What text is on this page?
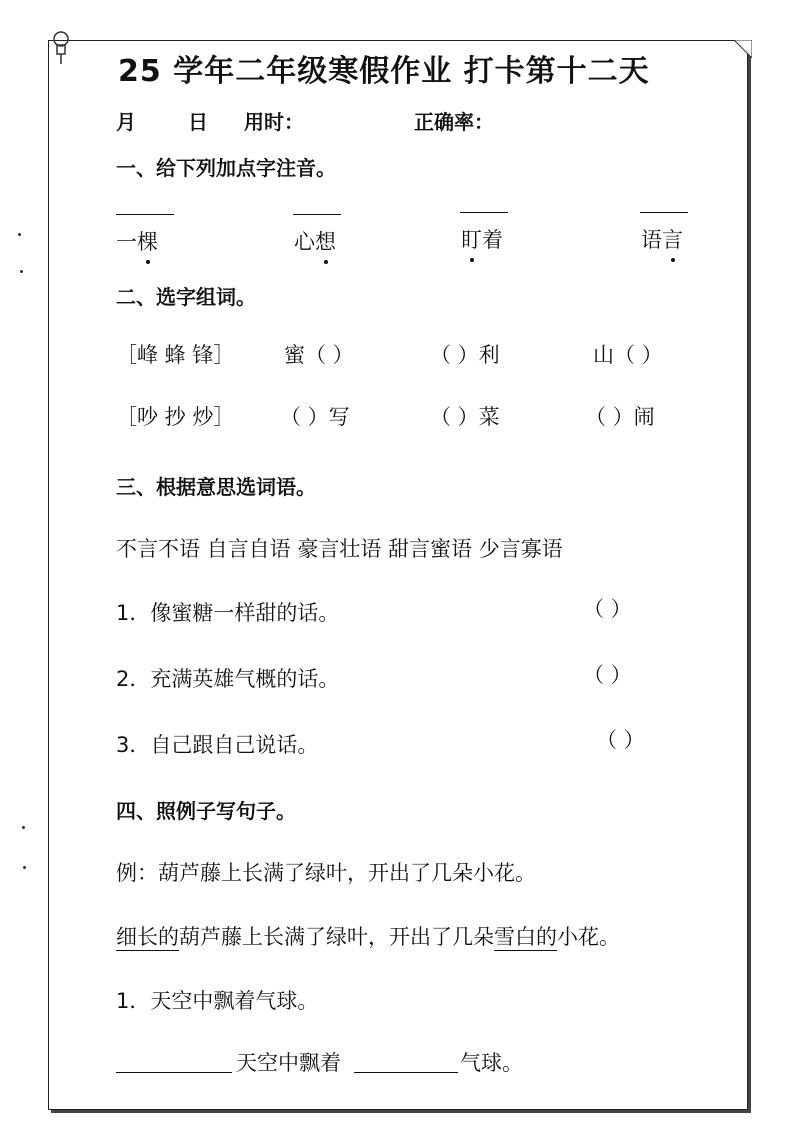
25 学年二年级寒假作业 打卡第十二天
月	日 用时：	正确率：
一、给下列加点字注音。
一棵	心想	盯着	语言
二、选字组词。
［峰 蜂 锋］ 蜜（ ）	（ ）利	山（ ）
［吵 抄 炒］ （ ）写	（ ）菜	（ ）闹
三、根据意思选词语。
不言不语 自言自语 豪言壮语 甜言蜜语 少言寡语
1．像蜜糖一样甜的话。	（ ）
2．充满英雄气概的话。	（ ）
3．自己跟自己说话。	（ ）
四、照例子写句子。
例：葫芦藤上长满了绿叶，开出了几朵小花。
细长的葫芦藤上长满了绿叶，开出了几朵雪白的小花。
1．天空中飘着气球。
天空中飘着	气球。
